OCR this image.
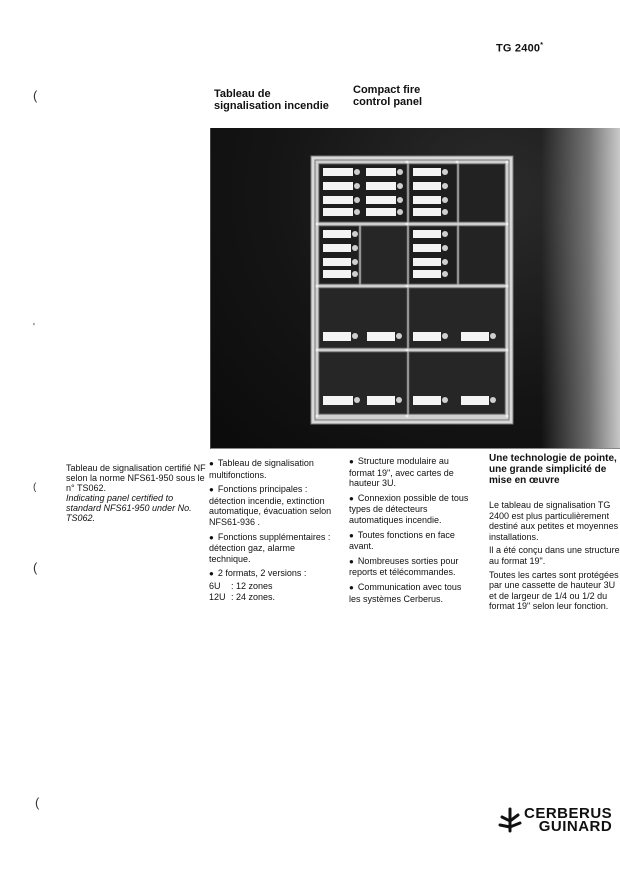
TG 2400*
Tableau de
signalisation incendie
Compact fire
control panel
(
(
(
(
'
Tableau de signalisation certifié NF selon la norme NFS61-950 sous le n° TS062.
Indicating panel certified to standard NFS61-950 under No. TS062.

● Tableau de signalisation multifonctions.

● Fonctions principales : détection incendie, extinction automatique, évacuation selon NFS61-936 .

● Fonctions supplémentaires : détection gaz, alarme technique.

● 2 formats, 2 versions :

6U	: 12 zones
12U : 24 zones.

● Structure modulaire au format 19", avec cartes de hauteur 3U.

● Connexion possible de tous types de détecteurs automatiques incendie.

● Toutes fonctions en face avant.

● Nombreuses sorties pour reports et télécommandes.

● Communication avec tous les systèmes Cerberus.

Une technologie de pointe, une grande simplicité de mise en œuvre

Le tableau de signalisation TG 2400 est plus particulièrement destiné aux petites et moyennes installations.

Il a été conçu dans une structure au format 19".

Toutes les cartes sont protégées par une cassette de hauteur 3U et de largeur de 1/4 ou 1/2 du format 19" selon leur fonction.

CERBERUS
GUINARD
